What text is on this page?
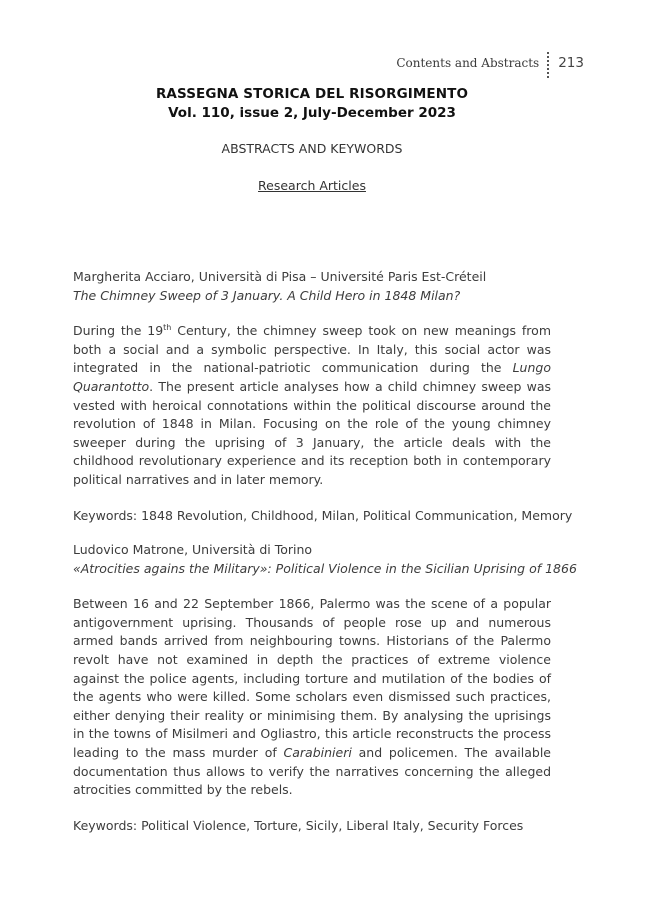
Contents and Abstracts 213
RASSEGNA STORICA DEL RISORGIMENTO
Vol. 110, issue 2, July-December 2023
ABSTRACTS AND KEYWORDS
Research Articles
Margherita Acciaro, Università di Pisa – Université Paris Est-Créteil
The Chimney Sweep of 3 January. A Child Hero in 1848 Milan?
During the 19th Century, the chimney sweep took on new meanings from both a social and a symbolic perspective. In Italy, this social actor was integrated in the national-patriotic communication during the Lungo Quarantotto. The present article analyses how a child chimney sweep was vested with heroical connotations within the political discourse around the revolution of 1848 in Milan. Focusing on the role of the young chimney sweeper during the uprising of 3 January, the article deals with the childhood revolutionary experience and its reception both in contemporary political narratives and in later memory.
Keywords: 1848 Revolution, Childhood, Milan, Political Communication, Memory
Ludovico Matrone, Università di Torino
«Atrocities agains the Military»: Political Violence in the Sicilian Uprising of 1866
Between 16 and 22 September 1866, Palermo was the scene of a popular antigovernment uprising. Thousands of people rose up and numerous armed bands arrived from neighbouring towns. Historians of the Palermo revolt have not examined in depth the practices of extreme violence against the police agents, including torture and mutilation of the bodies of the agents who were killed. Some scholars even dismissed such practices, either denying their reality or minimising them. By analysing the uprisings in the towns of Misilmeri and Ogliastro, this article reconstructs the process leading to the mass murder of Carabinieri and policemen. The available documentation thus allows to verify the narratives concerning the alleged atrocities committed by the rebels.
Keywords: Political Violence, Torture, Sicily, Liberal Italy, Security Forces
